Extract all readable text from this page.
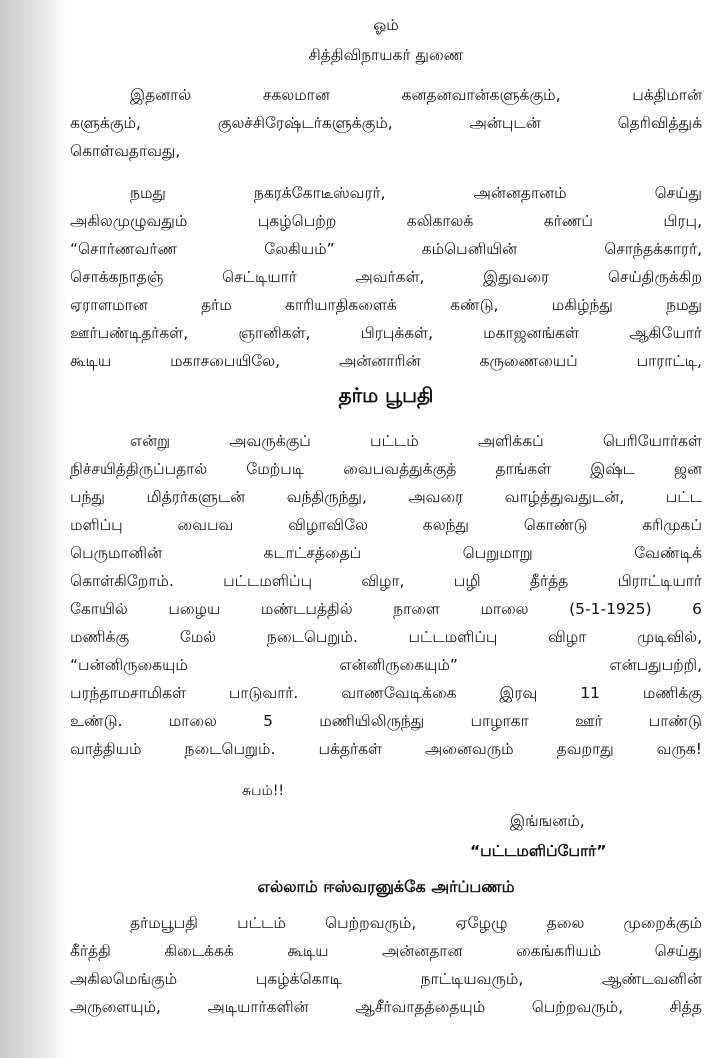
ஓம்
சித்திவிநாயகர் துணை
இதனால் சகலமான கனதனவான்களுக்கும், பக்திமான்
களுக்கும், குலச்சிரேஷ்டர்களுக்கும், அன்புடன் தெரிவித்துக்
கொள்வதாவது,
நமது நகரக்கோடீஸ்வரர், அன்னதானம் செய்து
அகிலமுழுவதும் புகழ்பெற்ற கலிகாலக் கர்ணப் பிரபு,
“சொர்ணவர்ண லேகியம்” கம்பெனியின் சொந்தக்காரர்,
சொக்கநாதஞ் செட்டியார் அவர்கள், இதுவரை செய்திருக்கிற
ஏராளமான தர்ம காரியாதிகளைக் கண்டு, மகிழ்ந்து நமது
ஊர்பண்டிதர்கள், ஞானிகள், பிரபுக்கள், மகாஜனங்கள் ஆகியோர்
கூடிய மகாசபையிலே, அன்னாரின் கருணையைப் பாராட்டி,
தர்ம பூபதி
என்று அவருக்குப் பட்டம் அளிக்கப் பெரியோர்கள்
நிச்சயித்திருப்பதால் மேற்படி வைபவத்துக்குத் தாங்கள் இஷ்ட ஜன
பந்து மித்ரர்களுடன் வந்திருந்து, அவரை வாழ்த்துவதுடன், பட்ட
மளிப்பு வைபவ விழாவிலே கலந்து கொண்டு கரிமுகப்
பெருமானின் கடாட்சத்தைப் பெறுமாறு வேண்டிக்
கொள்கிறோம். பட்டமளிப்பு விழா, பழி தீர்த்த பிராட்டியார்
கோயில் பழைய மண்டபத்தில் நாளை மாலை (5-1-1925) 6
மணிக்கு மேல் நடைபெறும். பட்டமளிப்பு விழா முடிவில்,
“பன்னிருகையும் என்னிருகையும்” என்பதுபற்றி,
பரந்தாமசாமிகள் பாடுவார். வாணவேடிக்கை இரவு 11 மணிக்கு
உண்டு. மாலை 5 மணியிலிருந்து பாழாகா ஊர் பாண்டு
வாத்தியம் நடைபெறும். பக்தர்கள் அனைவரும் தவறாது வருக!
சுபம்!!
இங்ஙனம்,
“பட்டமளிப்போர்”
எல்லாம் ஈஸ்வரனுக்கே அர்ப்பணம்
தர்மபூபதி பட்டம் பெற்றவரும், ஏழேழு தலை முறைக்கும்
கீர்த்தி கிடைக்கக் கூடிய அன்னதான கைங்கரியம் செய்து
அகிலமெங்கும் புகழ்க்கொடி நாட்டியவரும், ஆண்டவனின்
அருளையும், அடியார்களின் ஆசீர்வாதத்தையும் பெற்றவரும், சித்த
